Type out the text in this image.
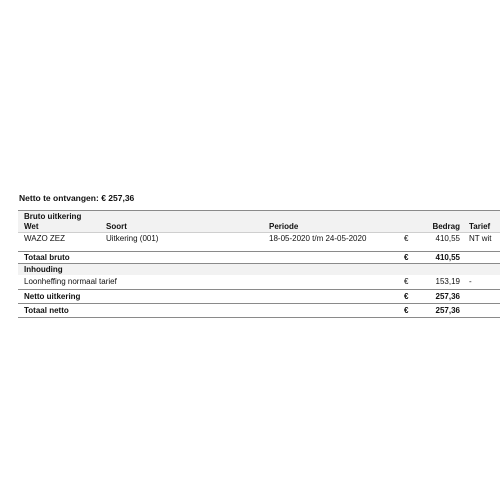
Netto te ontvangen: € 257,36
Bruto uitkering
Wet	Soort	Periode	Bedrag Tarief
WAZO ZEZ	Uitkering (001)	18-05-2020 t/m 24-05-2020	€	410,55 NT wit
Totaal bruto	€	410,55
Inhouding
Loonheffing normaal tarief	€	153,19 -
Netto uitkering	€	257,36
Totaal netto	€	257,36
